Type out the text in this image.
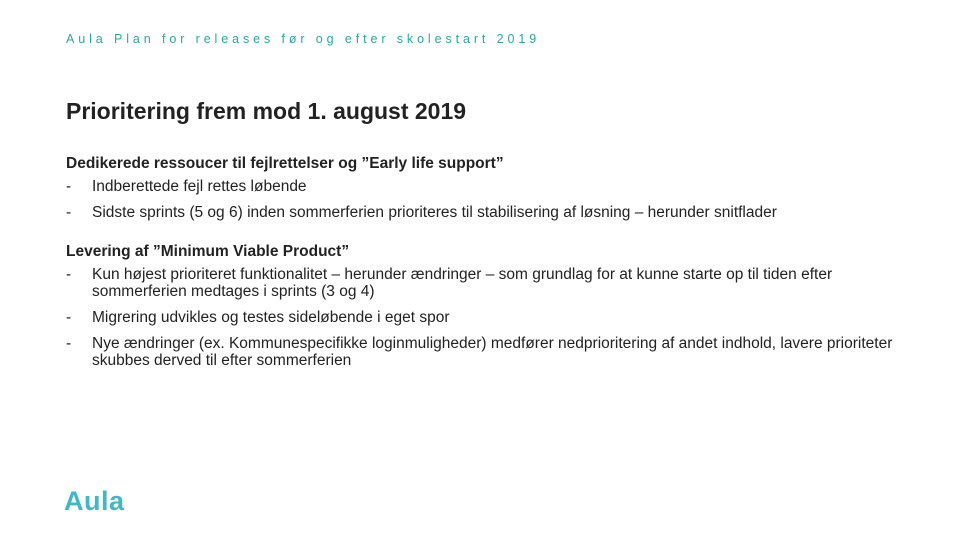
Aula Plan for releases før og efter skolestart 2019
Prioritering frem mod 1. august 2019
Dedikerede ressoucer til fejlrettelser og ”Early life support”
- Indberettede fejl rettes løbende
- Sidste sprints (5 og 6) inden sommerferien prioriteres til stabilisering af løsning – herunder snitflader
Levering af ”Minimum Viable Product”
- Kun højest prioriteret funktionalitet – herunder ændringer – som grundlag for at kunne starte op til tiden efter sommerferien medtages i sprints (3 og 4)
- Migrering udvikles og testes sideløbende i eget spor
- Nye ændringer (ex. Kommunespecifikke loginmuligheder) medfører nedprioritering af andet indhold, lavere prioriteter skubbes derved til efter sommerferien
Aula
